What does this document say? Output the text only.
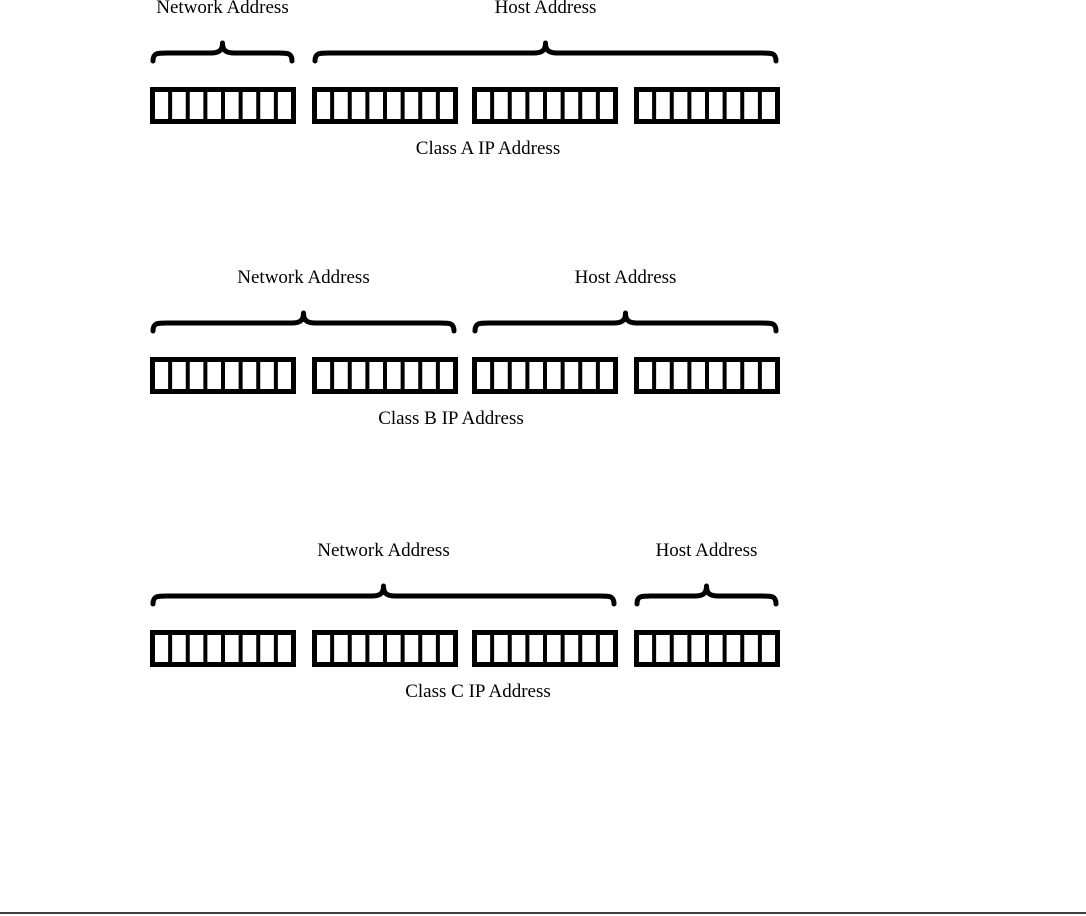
Network Address	Host Address
Class A IP Address
Network Address	Host Address
Class B IP Address
Network Address	Host Address
Class C IP Address
